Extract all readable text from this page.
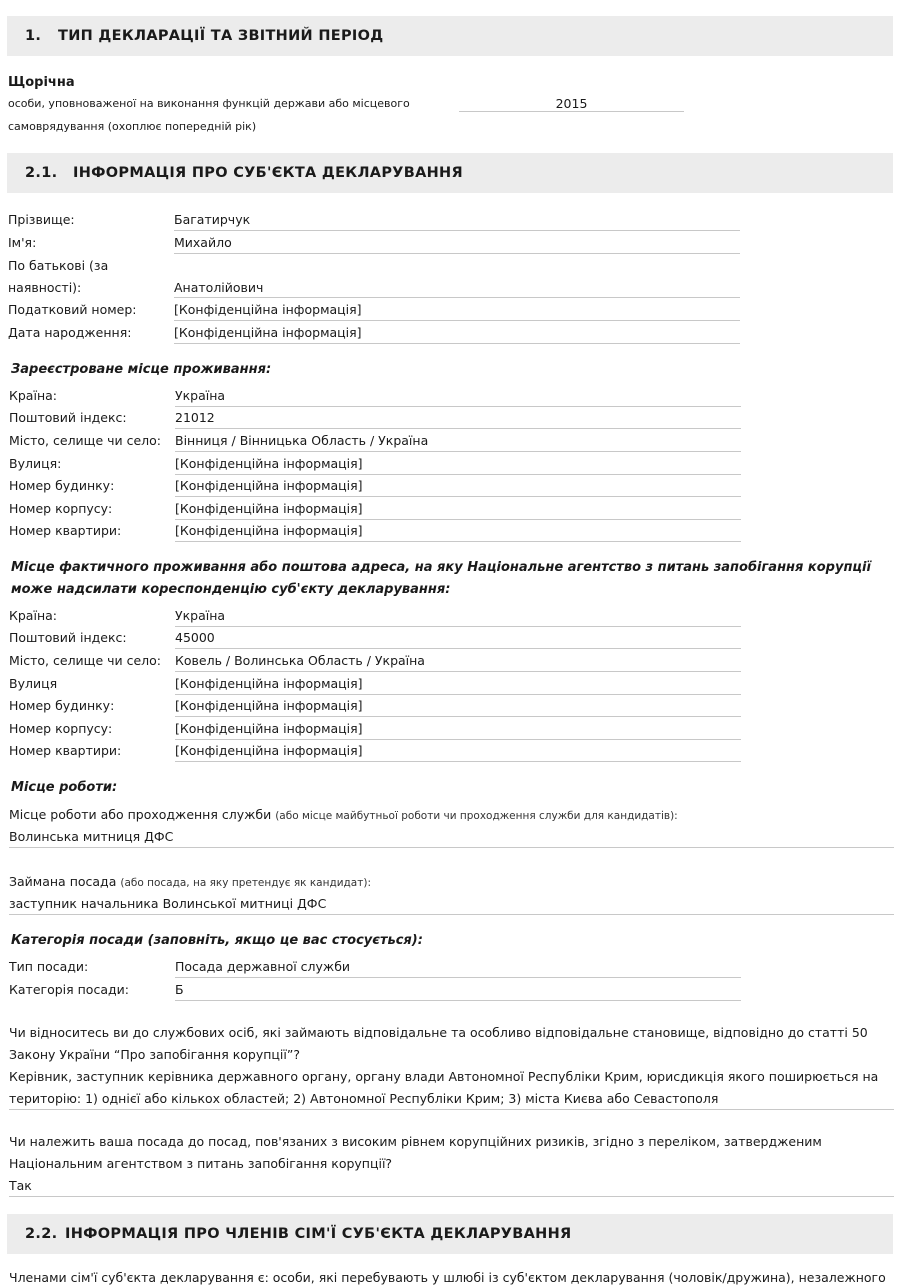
1. ТИП ДЕКЛАРАЦІЇ ТА ЗВІТНИЙ ПЕРІОД
Щорічна
особи, уповноваженої на виконання функцій держави або місцевого
самоврядування (охоплює попередній рік)
2015
2.1. ІНФОРМАЦІЯ ПРО СУБ'ЄКТА ДЕКЛАРУВАННЯ
Прізвище:	Багатирчук
Ім'я:	Михайло
По батькові (за
наявності):	Анатолійович
Податковий номер:	[Конфіденційна інформація]
Дата народження:	[Конфіденційна інформація]
Зареєстроване місце проживання:
Країна:	Україна
Поштовий індекс:	21012
Місто, селище чи село: Вінниця / Вінницька Область / Україна
Вулиця:	[Конфіденційна інформація]
Номер будинку:	[Конфіденційна інформація]
Номер корпусу:	[Конфіденційна інформація]
Номер квартири:	[Конфіденційна інформація]
Місце фактичного проживання або поштова адреса, на яку Національне агентство з питань запобігання корупції
може надсилати кореспонденцію суб'єкту декларування:
Країна:	Україна
Поштовий індекс:	45000
Місто, селище чи село: Ковель / Волинська Область / Україна
Вулиця	[Конфіденційна інформація]
Номер будинку:	[Конфіденційна інформація]
Номер корпусу:	[Конфіденційна інформація]
Номер квартири:	[Конфіденційна інформація]
Місце роботи:
Місце роботи або проходження служби (або місце майбутньої роботи чи проходження служби для кандидатів):
Волинська митниця ДФС
Займана посада (або посада, на яку претендує як кандидат):
заступник начальника Волинської митниці ДФС
Категорія посади (заповніть, якщо це вас стосується):
Тип посади:	Посада державної служби
Категорія посади:	Б
Чи відноситесь ви до службових осіб, які займають відповідальне та особливо відповідальне становище, відповідно до статті 50
Закону України “Про запобігання корупції”?
Керівник, заступник керівника державного органу, органу влади Автономної Республіки Крим, юрисдикція якого поширюється на
територію: 1) однієї або кількох областей; 2) Автономної Республіки Крим; 3) міста Києва або Севастополя
Чи належить ваша посада до посад, пов'язаних з високим рівнем корупційних ризиків, згідно з переліком, затвердженим
Національним агентством з питань запобігання корупції?
Так
2.2. ІНФОРМАЦІЯ ПРО ЧЛЕНІВ СІМ'Ї СУБ'ЄКТА ДЕКЛАРУВАННЯ
Членами сім'ї суб'єкта декларування є: особи, які перебувають у шлюбі із суб'єктом декларування (чоловік/дружина), незалежного
